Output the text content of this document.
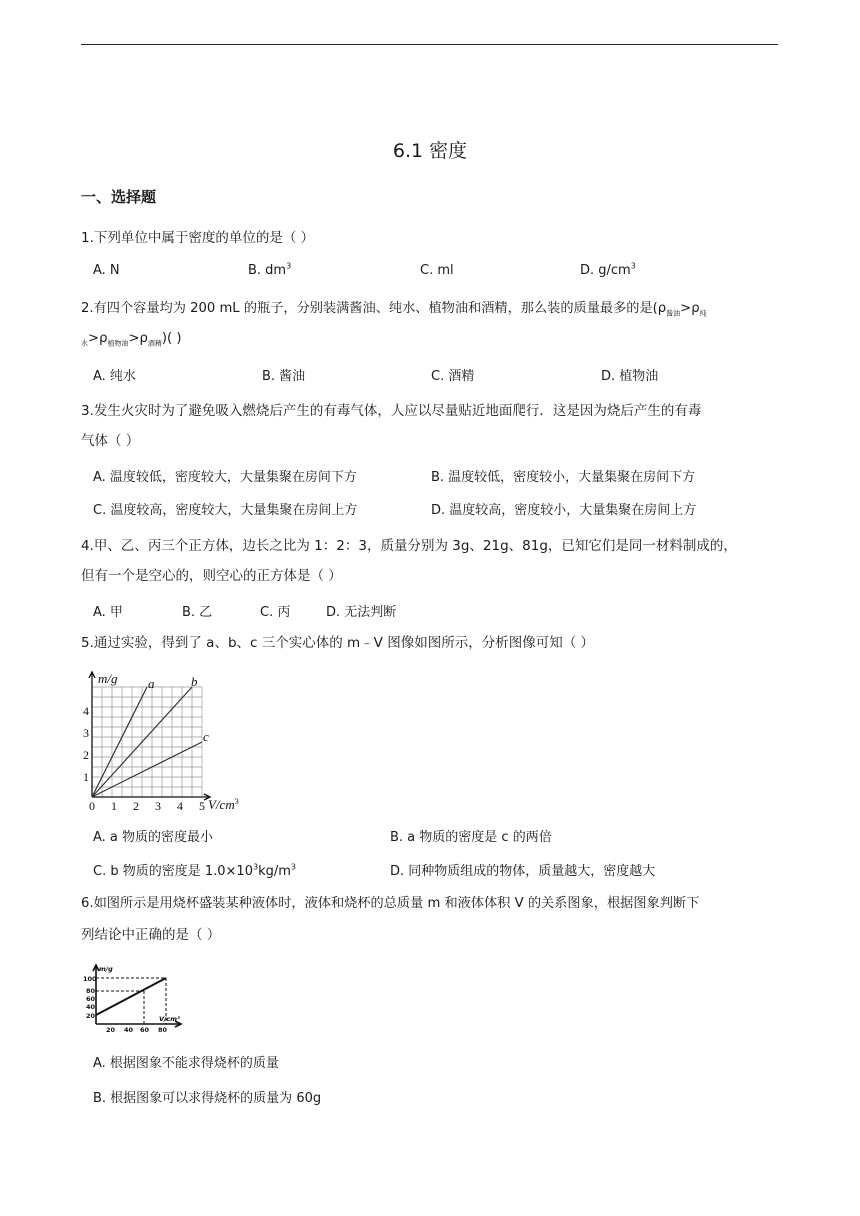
6.1 密度
一、选择题
1.下列单位中属于密度的单位的是（ ）
A. N	B. $dm^3$	C. ml	D. $g/cm^3$
2.有四个容量均为 200 mL 的瓶子，分别装满酱油、纯水、植物油和酒精，那么装的质量最多的是($\rho_{酱油}>\rho_纯$
$_水>\rho_{植物油}>\rho_{酒精}$)( )
A. 纯水	B. 酱油	C. 酒精	D. 植物油
3.发生火灾时为了避免吸入燃烧后产生的有毒气体，人应以尽量贴近地面爬行．这是因为烧后产生的有毒
气体（ ）
A. 温度较低，密度较大，大量集聚在房间下方	B. 温度较低，密度较小，大量集聚在房间下方
C. 温度较高，密度较大，大量集聚在房间上方	D. 温度较高，密度较小，大量集聚在房间上方
4.甲、乙、丙三个正方体，边长之比为 1：2：3，质量分别为 3g、21g、81g，已知它们是同一材料制成的，
但有一个是空心的，则空心的正方体是（ ）
A. 甲	B. 乙	C. 丙	D. 无法判断
5.通过实验，得到了 a、b、c 三个实心体的 m﹣V 图像如图所示，分析图像可知（ ）
a	b
c
m/g
$V/cm^3$
1
2
3
4
0 1 2 3 4 5
A. a 物质的密度最小	B. a 物质的密度是 c 的两倍
C. b 物质的密度是 $1.0\times 10^3kg/m^3$	D. 同种物质组成的物体，质量越大，密度越大
6.如图所示是用烧杯盛装某种液体时，液体和烧杯的总质量 m 和液体体积 V 的关系图象，根据图象判断下
列结论中正确的是（ ）
m/g
V/cm³
100
80
60
40
20
20 40 60 80
A. 根据图象不能求得烧杯的质量
B. 根据图象可以求得烧杯的质量为 60g
